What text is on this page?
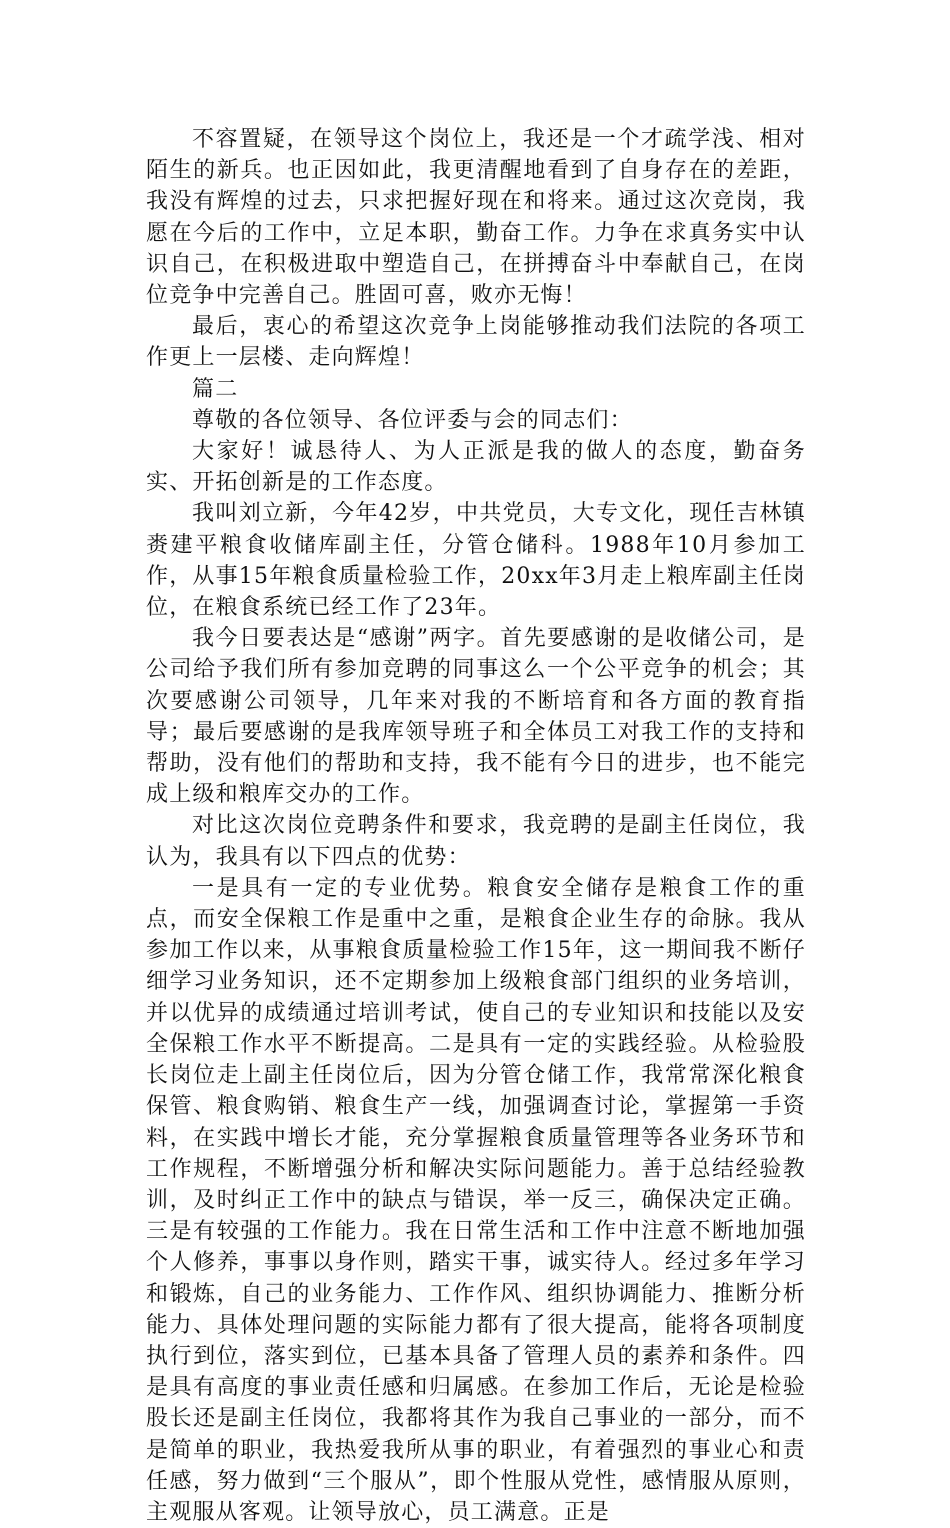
不容置疑，在领导这个岗位上，我还是一个才疏学浅、相对陌生的新兵。也正因如此，我更清醒地看到了自身存在的差距，我没有辉煌的过去，只求把握好现在和将来。通过这次竞岗，我愿在今后的工作中，立足本职，勤奋工作。力争在求真务实中认识自己，在积极进取中塑造自己，在拼搏奋斗中奉献自己，在岗位竞争中完善自己。胜固可喜，败亦无悔！

最后，衷心的希望这次竞争上岗能够推动我们法院的各项工作更上一层楼、走向辉煌！

篇二

尊敬的各位领导、各位评委与会的同志们：

大家好！诚恳待人、为人正派是我的做人的态度，勤奋务实、开拓创新是的工作态度。

我叫刘立新，今年42岁，中共党员，大专文化，现任吉林镇赉建平粮食收储库副主任，分管仓储科。1988年10月参加工作，从事15年粮食质量检验工作，20xx年3月走上粮库副主任岗位，在粮食系统已经工作了23年。

我今日要表达是“感谢”两字。首先要感谢的是收储公司，是公司给予我们所有参加竞聘的同事这么一个公平竞争的机会；其次要感谢公司领导，几年来对我的不断培育和各方面的教育指导；最后要感谢的是我库领导班子和全体员工对我工作的支持和帮助，没有他们的帮助和支持，我不能有今日的进步，也不能完成上级和粮库交办的工作。

对比这次岗位竞聘条件和要求，我竞聘的是副主任岗位，我认为，我具有以下四点的优势：

一是具有一定的专业优势。粮食安全储存是粮食工作的重点，而安全保粮工作是重中之重，是粮食企业生存的命脉。我从参加工作以来，从事粮食质量检验工作15年，这一期间我不断仔细学习业务知识，还不定期参加上级粮食部门组织的业务培训，并以优异的成绩通过培训考试，使自己的专业知识和技能以及安全保粮工作水平不断提高。二是具有一定的实践经验。从检验股长岗位走上副主任岗位后，因为分管仓储工作，我常常深化粮食保管、粮食购销、粮食生产一线，加强调查讨论，掌握第一手资料，在实践中增长才能，充分掌握粮食质量管理等各业务环节和工作规程，不断增强分析和解决实际问题能力。善于总结经验教训，及时纠正工作中的缺点与错误，举一反三，确保决定正确。三是有较强的工作能力。我在日常生活和工作中注意不断地加强个人修养，事事以身作则，踏实干事，诚实待人。经过多年学习和锻炼，自己的业务能力、工作作风、组织协调能力、推断分析能力、具体处理问题的实际能力都有了很大提高，能将各项制度执行到位，落实到位，已基本具备了管理人员的素养和条件。四是具有高度的事业责任感和归属感。在参加工作后，无论是检验股长还是副主任岗位，我都将其作为我自己事业的一部分，而不是简单的职业，我热爱我所从事的职业，有着强烈的事业心和责任感，努力做到“三个服从”，即个性服从党性，感情服从原则，主观服从客观。让领导放心，员工满意。正是
